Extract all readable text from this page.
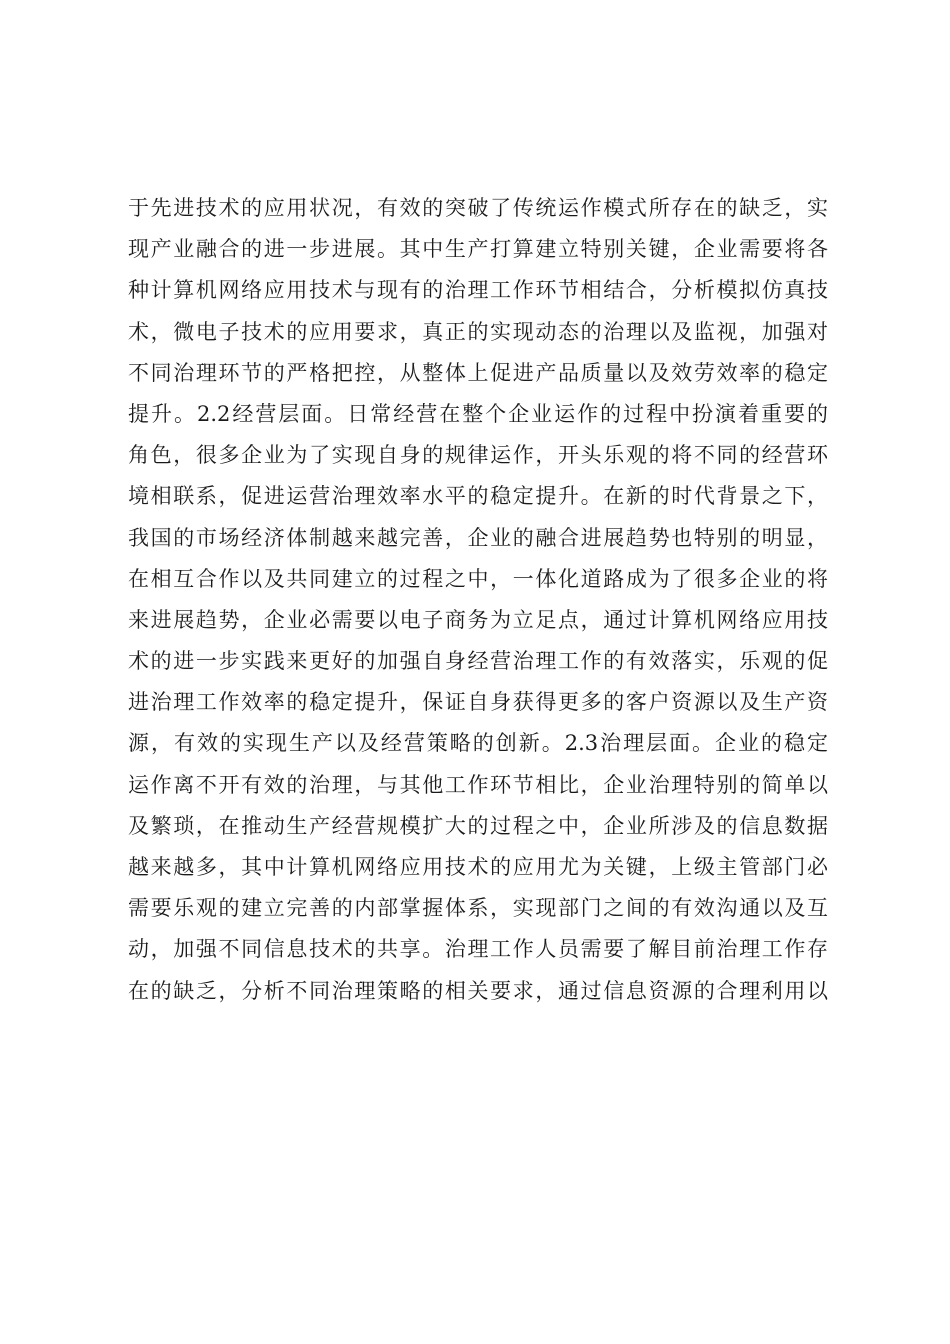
于先进技术的应用状况，有效的突破了传统运作模式所存在的缺乏，实
现产业融合的进一步进展。其中生产打算建立特别关键，企业需要将各
种计算机网络应用技术与现有的治理工作环节相结合，分析模拟仿真技
术，微电子技术的应用要求，真正的实现动态的治理以及监视，加强对
不同治理环节的严格把控，从整体上促进产品质量以及效劳效率的稳定
提升。2.2经营层面。日常经营在整个企业运作的过程中扮演着重要的
角色，很多企业为了实现自身的规律运作，开头乐观的将不同的经营环
境相联系，促进运营治理效率水平的稳定提升。在新的时代背景之下，
我国的市场经济体制越来越完善，企业的融合进展趋势也特别的明显，
在相互合作以及共同建立的过程之中，一体化道路成为了很多企业的将
来进展趋势，企业必需要以电子商务为立足点，通过计算机网络应用技
术的进一步实践来更好的加强自身经营治理工作的有效落实，乐观的促
进治理工作效率的稳定提升，保证自身获得更多的客户资源以及生产资
源，有效的实现生产以及经营策略的创新。2.3治理层面。企业的稳定
运作离不开有效的治理，与其他工作环节相比，企业治理特别的简单以
及繁琐，在推动生产经营规模扩大的过程之中，企业所涉及的信息数据
越来越多，其中计算机网络应用技术的应用尤为关键，上级主管部门必
需要乐观的建立完善的内部掌握体系，实现部门之间的有效沟通以及互
动，加强不同信息技术的共享。治理工作人员需要了解目前治理工作存
在的缺乏，分析不同治理策略的相关要求，通过信息资源的合理利用以
